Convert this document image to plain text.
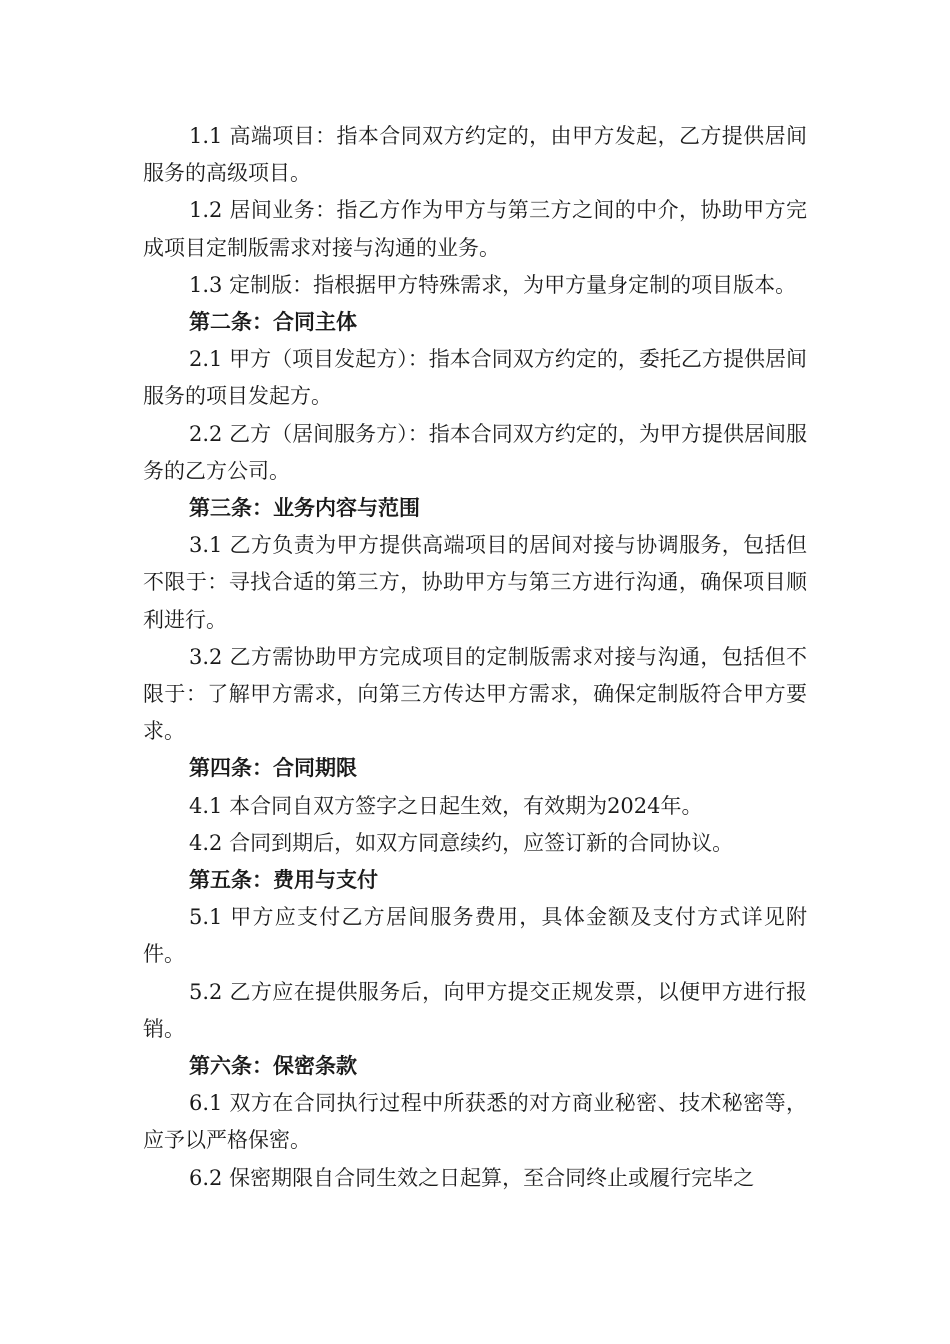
1.1 高端项目：指本合同双方约定的，由甲方发起，乙方提供居间服务的高级项目。

1.2 居间业务：指乙方作为甲方与第三方之间的中介，协助甲方完成项目定制版需求对接与沟通的业务。

1.3 定制版：指根据甲方特殊需求，为甲方量身定制的项目版本。

第二条：合同主体

2.1 甲方（项目发起方）：指本合同双方约定的，委托乙方提供居间服务的项目发起方。

2.2 乙方（居间服务方）：指本合同双方约定的，为甲方提供居间服务的乙方公司。

第三条：业务内容与范围

3.1 乙方负责为甲方提供高端项目的居间对接与协调服务，包括但不限于：寻找合适的第三方，协助甲方与第三方进行沟通，确保项目顺利进行。

3.2 乙方需协助甲方完成项目的定制版需求对接与沟通，包括但不限于：了解甲方需求，向第三方传达甲方需求，确保定制版符合甲方要求。

第四条：合同期限

4.1 本合同自双方签字之日起生效，有效期为2024年。

4.2 合同到期后，如双方同意续约，应签订新的合同协议。

第五条：费用与支付

5.1 甲方应支付乙方居间服务费用，具体金额及支付方式详见附件。

5.2 乙方应在提供服务后，向甲方提交正规发票，以便甲方进行报销。

第六条：保密条款

6.1 双方在合同执行过程中所获悉的对方商业秘密、技术秘密等，应予以严格保密。

6.2 保密期限自合同生效之日起算，至合同终止或履行完毕之
